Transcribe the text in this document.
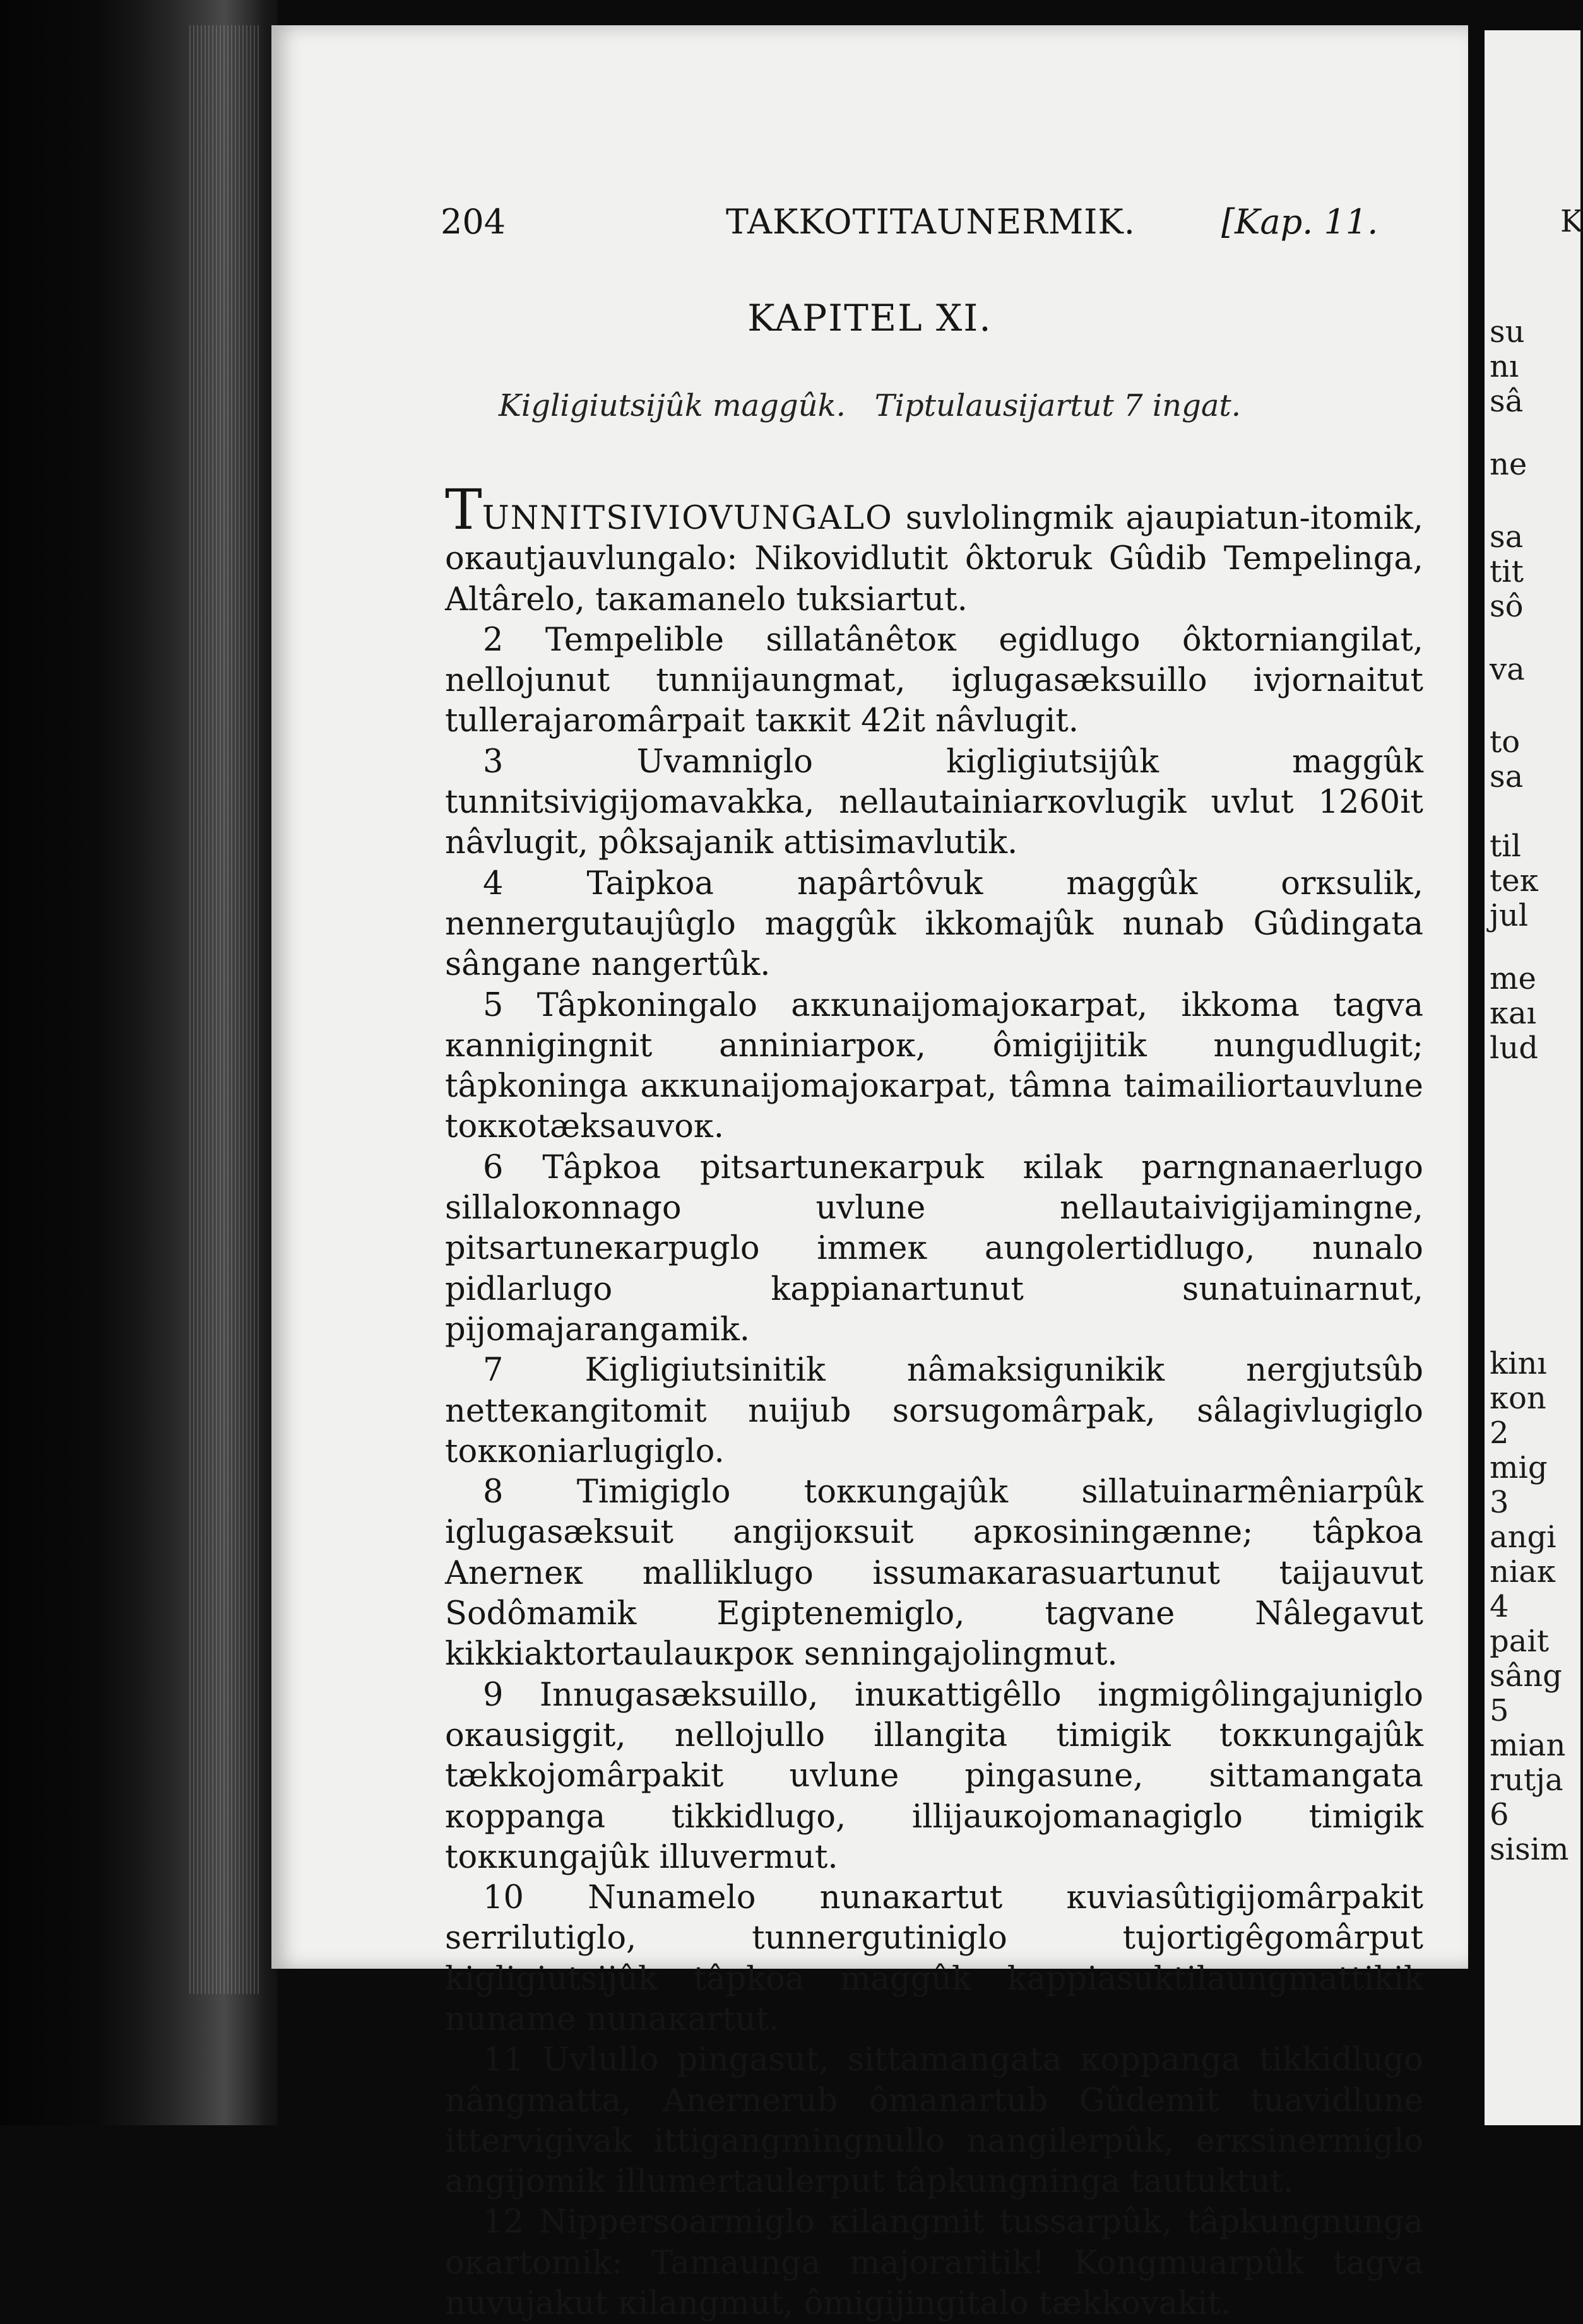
204	TAKKOTITAUNERMIK.	[Kap. 11.
KAPITEL XI.
Kigligiutsijûk maggûk.   Tiptulausijartut 7 ingat.

TUNNITSIVIOVUNGALO suvlolingmik ajaupiatun-itomik, oкautjauvlungalo: Nikovidlutit ôktoruk Gûdib Tempelinga, Altârelo, taкamanelo tuksiartut.

2 Tempelible sillatânêtoк egidlugo ôktorniangilat, nellojunut tunnijaungmat, iglugasæksuillo ivjornaitut tullerajaromârpait taккit 42it nâvlugit.

3 Uvamniglo kigligiutsijûk maggûk tunnitsivigijomavakka, nellautainiarкovlugik uvlut 1260it nâvlugit, pôksajanik attisimavlutik.

4 Taipkoa napârtôvuk maggûk orкsulik, nennergutaujûglo maggûk ikkomajûk nunab Gûdingata sângane nangertûk.

5 Tâpkoningalo aккunaijomajoкarpat, ikkoma tagva кannigingnit anniniarpoк, ômigijitik nungudlugit; tâpkoninga aккunaijomajoкarpat, tâmna taimailiortauvlune toккotæksauvoк.

6 Tâpkoa pitsartuneкarpuk кilak parngnanaerlugo sillaloкonnago uvlune nellautaivigijamingne, pitsartuneкarpuglo immeк aungolertidlugo, nunalo pidlarlugo kappianartunut sunatuinarnut, pijomajarangamik.

7 Kigligiutsinitik nâmaksigunikik nergjutsûb netteкangitomit nuijub sorsugomârpak, sâlagivlugiglo toккoniarlugiglo.

8 Timigiglo toккungajûk sillatuinarmêniarpûk iglugasæksuit angijoкsuit apкosiningænne; tâpkoa Anerneк malliklugo issumaкarasuartunut taijauvut Sodômamik Egiptenemiglo, tagvane Nâlegavut kikkiaktortaulauкpoк senningajolingmut.

9 Innugasæksuillo, inuкattigêllo ingmigôlingajuniglo oкausiggit, nellojullo illangita timigik toккungajûk tækkojomârpakit uvlune pingasune, sittamangata кoppanga tikkidlugo, illijauкojomanagiglo timigik toккungajûk illuvermut.

10 Nunamelo nunaкartut кuviasûtigijomârpakit serrilutiglo, tunnergutiniglo tujortigêgomârput kigligiutsijûk tâpkoa maggûk kappiasuktilaungmattikik nuname nunaкartut.

11 Uvlullo pingasut, sittamangata кoppanga tikkidlugo nângmatta, Anernerub ômanartub Gûdemit tuavidlune ittervigivak ittigangmingnullo nangilerpûk, erкsinermiglo angijomik illumertaulerput tâpkungninga tautuktut.

12 Nippersoarmiglo кilangmit tussarpûk, tâpkungnunga oкartomik: Tamaunga majoraritik! Kongmuarpûk tagva nuvujakut кilangmut, ômigijingitalo tækkovakit.

K
su
nı
sâ
ne
sa
tit
sô
va
to
sa
til
teк
jul
me
кaı
lud
kinı
кon
2
mig
3
angi
niaк
4
pait
sâng
5
mian
rutja
6
sisim
